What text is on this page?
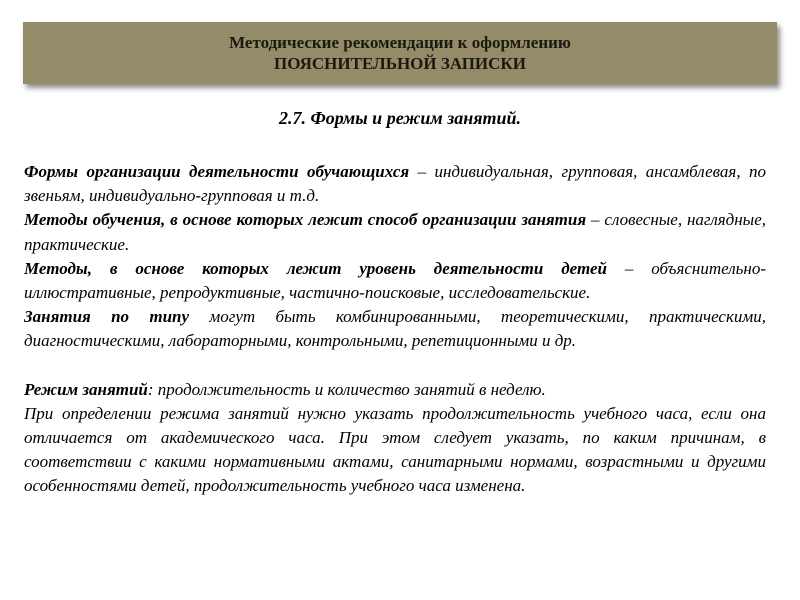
Методические рекомендации к оформлению
ПОЯСНИТЕЛЬНОЙ ЗАПИСКИ
2.7. Формы и режим занятий.

Формы организации деятельности обучающихся – индивидуальная, групповая, ансамблевая, по звеньям, индивидуально-групповая и т.д.

Методы обучения, в основе которых лежит способ организации занятия – словесные, наглядные, практические.

Методы, в основе которых лежит уровень деятельности детей – объяснительно-иллюстративные, репродуктивные, частично-поисковые, исследовательские.

Занятия по типу могут быть комбинированными, теоретическими, практическими, диагностическими, лабораторными, контрольными, репетиционными и др.

Режим занятий: продолжительность и количество занятий в неделю.

При определении режима занятий нужно указать продолжительность учебного часа, если она отличается от академического часа. При этом следует указать, по каким причинам, в соответствии с какими нормативными актами, санитарными нормами, возрастными и другими особенностями детей, продолжительность учебного часа изменена.
